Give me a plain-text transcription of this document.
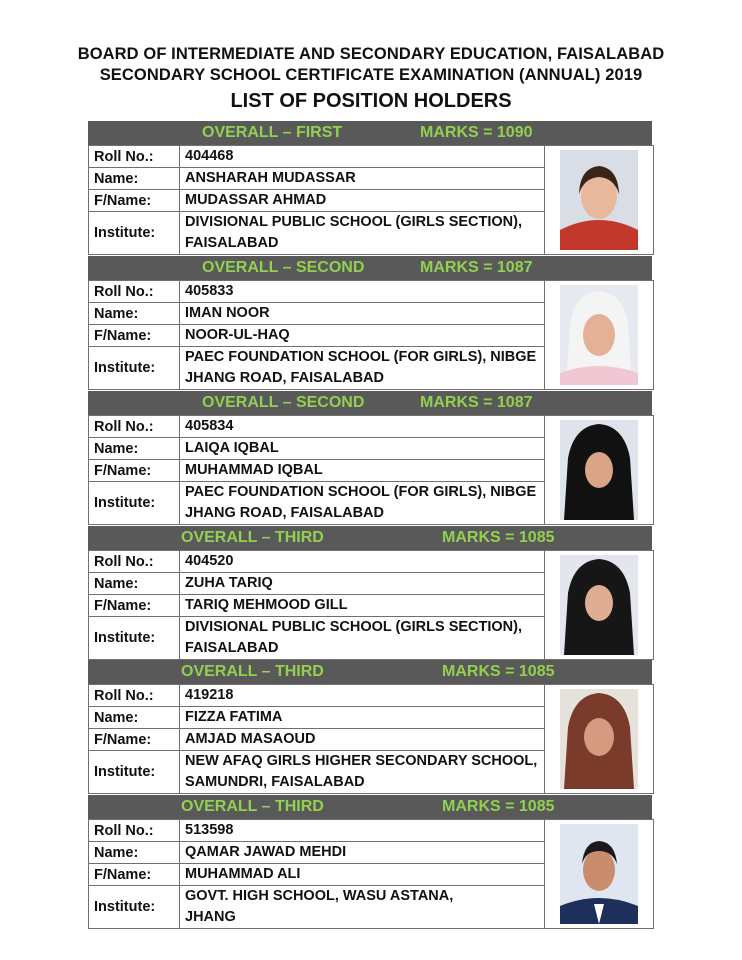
BOARD OF INTERMEDIATE AND SECONDARY EDUCATION, FAISALABAD
SECONDARY SCHOOL CERTIFICATE EXAMINATION (ANNUAL) 2019
LIST OF POSITION HOLDERS
OVERALL – FIRST	MARKS = 1090
Roll No.:	404468	

Name:	ANSHARAH MUDASSAR	
F/Name:	MUDASSAR AHMAD	
Institute:	DIVISIONAL PUBLIC SCHOOL (GIRLS SECTION),
FAISALABAD	
OVERALL – SECOND	MARKS = 1087
Roll No.:	405833	

Name:	IMAN NOOR	
F/Name:	NOOR-UL-HAQ	
Institute:	PAEC FOUNDATION SCHOOL (FOR GIRLS), NIBGE
JHANG ROAD, FAISALABAD	
OVERALL – SECOND	MARKS = 1087
Roll No.:	405834	

Name:	LAIQA IQBAL	
F/Name:	MUHAMMAD IQBAL	
Institute:	PAEC FOUNDATION SCHOOL (FOR GIRLS), NIBGE
JHANG ROAD, FAISALABAD	
OVERALL – THIRD	MARKS = 1085
Roll No.:	404520	

Name:	ZUHA TARIQ	
F/Name:	TARIQ MEHMOOD GILL	
Institute:	DIVISIONAL PUBLIC SCHOOL (GIRLS SECTION),
FAISALABAD	
OVERALL – THIRD	MARKS = 1085
Roll No.:	419218	

Name:	FIZZA FATIMA	
F/Name:	AMJAD MASAOUD	
Institute:	NEW AFAQ GIRLS HIGHER SECONDARY SCHOOL,
SAMUNDRI, FAISALABAD	
OVERALL – THIRD	MARKS = 1085
Roll No.:	513598	

Name:	QAMAR JAWAD MEHDI	
F/Name:	MUHAMMAD ALI	
Institute:	GOVT. HIGH SCHOOL, WASU ASTANA,
JHANG	
